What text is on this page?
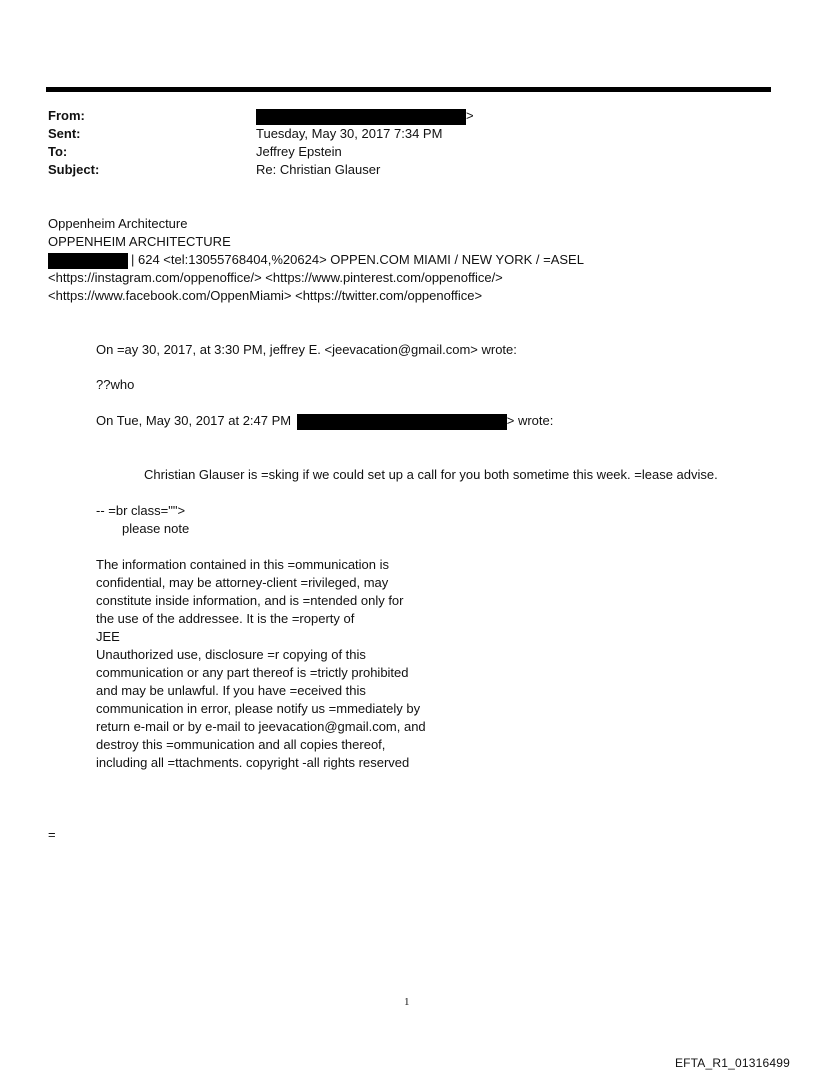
From:	>
Sent:	Tuesday, May 30, 2017 7:34 PM
To:	Jeffrey Epstein
Subject:	Re: Christian Glauser
Oppenheim Architecture
OPPENHEIM ARCHITECTURE
| 624 <tel:13055768404,%20624> OPPEN.COM MIAMI / NEW YORK / =ASEL
<https://instagram.com/oppenoffice/> <https://www.pinterest.com/oppenoffice/>
<https://www.facebook.com/OppenMiami> <https://twitter.com/oppenoffice>
On =ay 30, 2017, at 3:30 PM, jeffrey E. <jeevacation@gmail.com> wrote:
??who
On Tue, May 30, 2017 at 2:47 PM	> wrote:
Christian Glauser is =sking if we could set up a call for you both sometime this week. =lease advise.
-- =br class="">
please note
The information contained in this =ommunication is
confidential, may be attorney-client =rivileged, may
constitute inside information, and is =ntended only for
the use of the addressee. It is the =roperty of
JEE
Unauthorized use, disclosure =r copying of this
communication or any part thereof is =trictly prohibited
and may be unlawful. If you have =eceived this
communication in error, please notify us =mmediately by
return e-mail or by e-mail to jeevacation@gmail.com, and
destroy this =ommunication and all copies thereof,
including all =ttachments. copyright -all rights reserved
=
1
EFTA_R1_01316499
